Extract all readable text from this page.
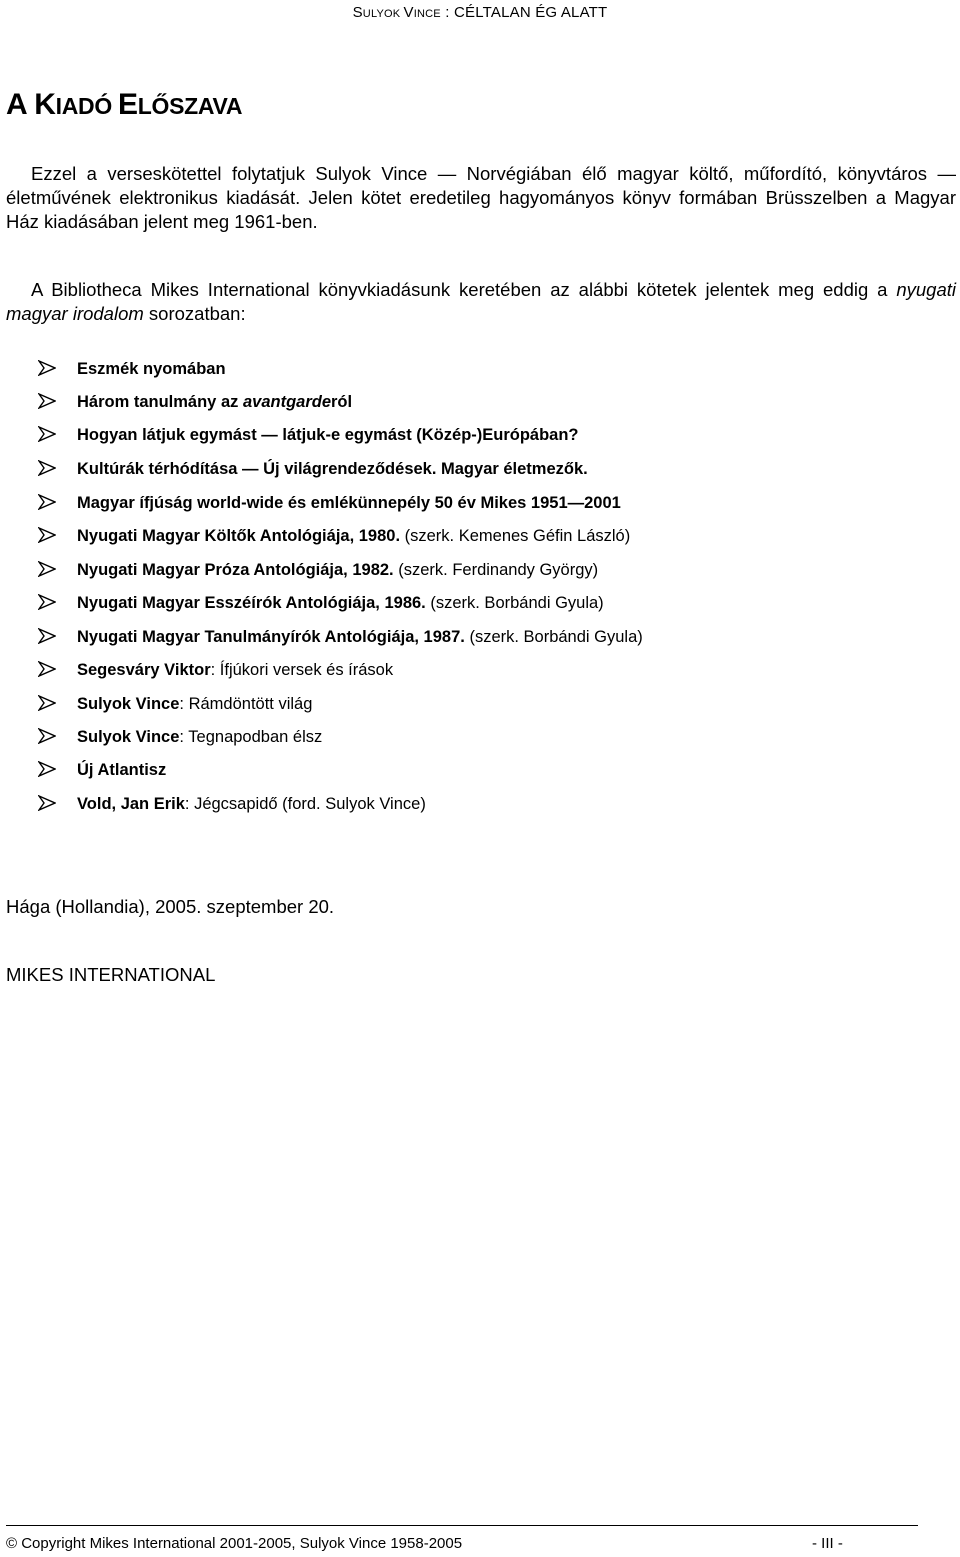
SULYOK VINCE : CÉLTALAN ÉG ALATT
A KIADÓ ELŐSZAVA

Ezzel a verseskötettel folytatjuk Sulyok Vince — Norvégiában élő magyar költő, műfordító, könyvtáros — életművének elektronikus kiadását. Jelen kötet eredetileg hagyományos könyv formában Brüsszelben a Magyar Ház kiadásában jelent meg 1961-ben.

A Bibliotheca Mikes International könyvkiadásunk keretében az alábbi kötetek jelentek meg eddig a nyugati magyar irodalom sorozatban:

Eszmék nyomában
Három tanulmány az avantgarderól
Hogyan látjuk egymást — látjuk-e egymást (Közép-)Európában?
Kultúrák térhódítása — Új világrendeződések. Magyar életmezők.
Magyar ífjúság world-wide és emlékünnepély 50 év Mikes 1951—2001
Nyugati Magyar Költők Antológiája, 1980. (szerk. Kemenes Géfin László)
Nyugati Magyar Próza Antológiája, 1982. (szerk. Ferdinandy György)
Nyugati Magyar Esszéírók Antológiája, 1986. (szerk. Borbándi Gyula)
Nyugati Magyar Tanulmányírók Antológiája, 1987. (szerk. Borbándi Gyula)
Segesváry Viktor: Ífjúkori versek és írások
Sulyok Vince: Rámdöntött világ
Sulyok Vince: Tegnapodban élsz
Új Atlantisz
Vold, Jan Erik: Jégcsapidő (ford. Sulyok Vince)

Hága (Hollandia), 2005. szeptember 20.

MIKES INTERNATIONAL

© Copyright Mikes International 2001-2005, Sulyok Vince 1958-2005	- III -
